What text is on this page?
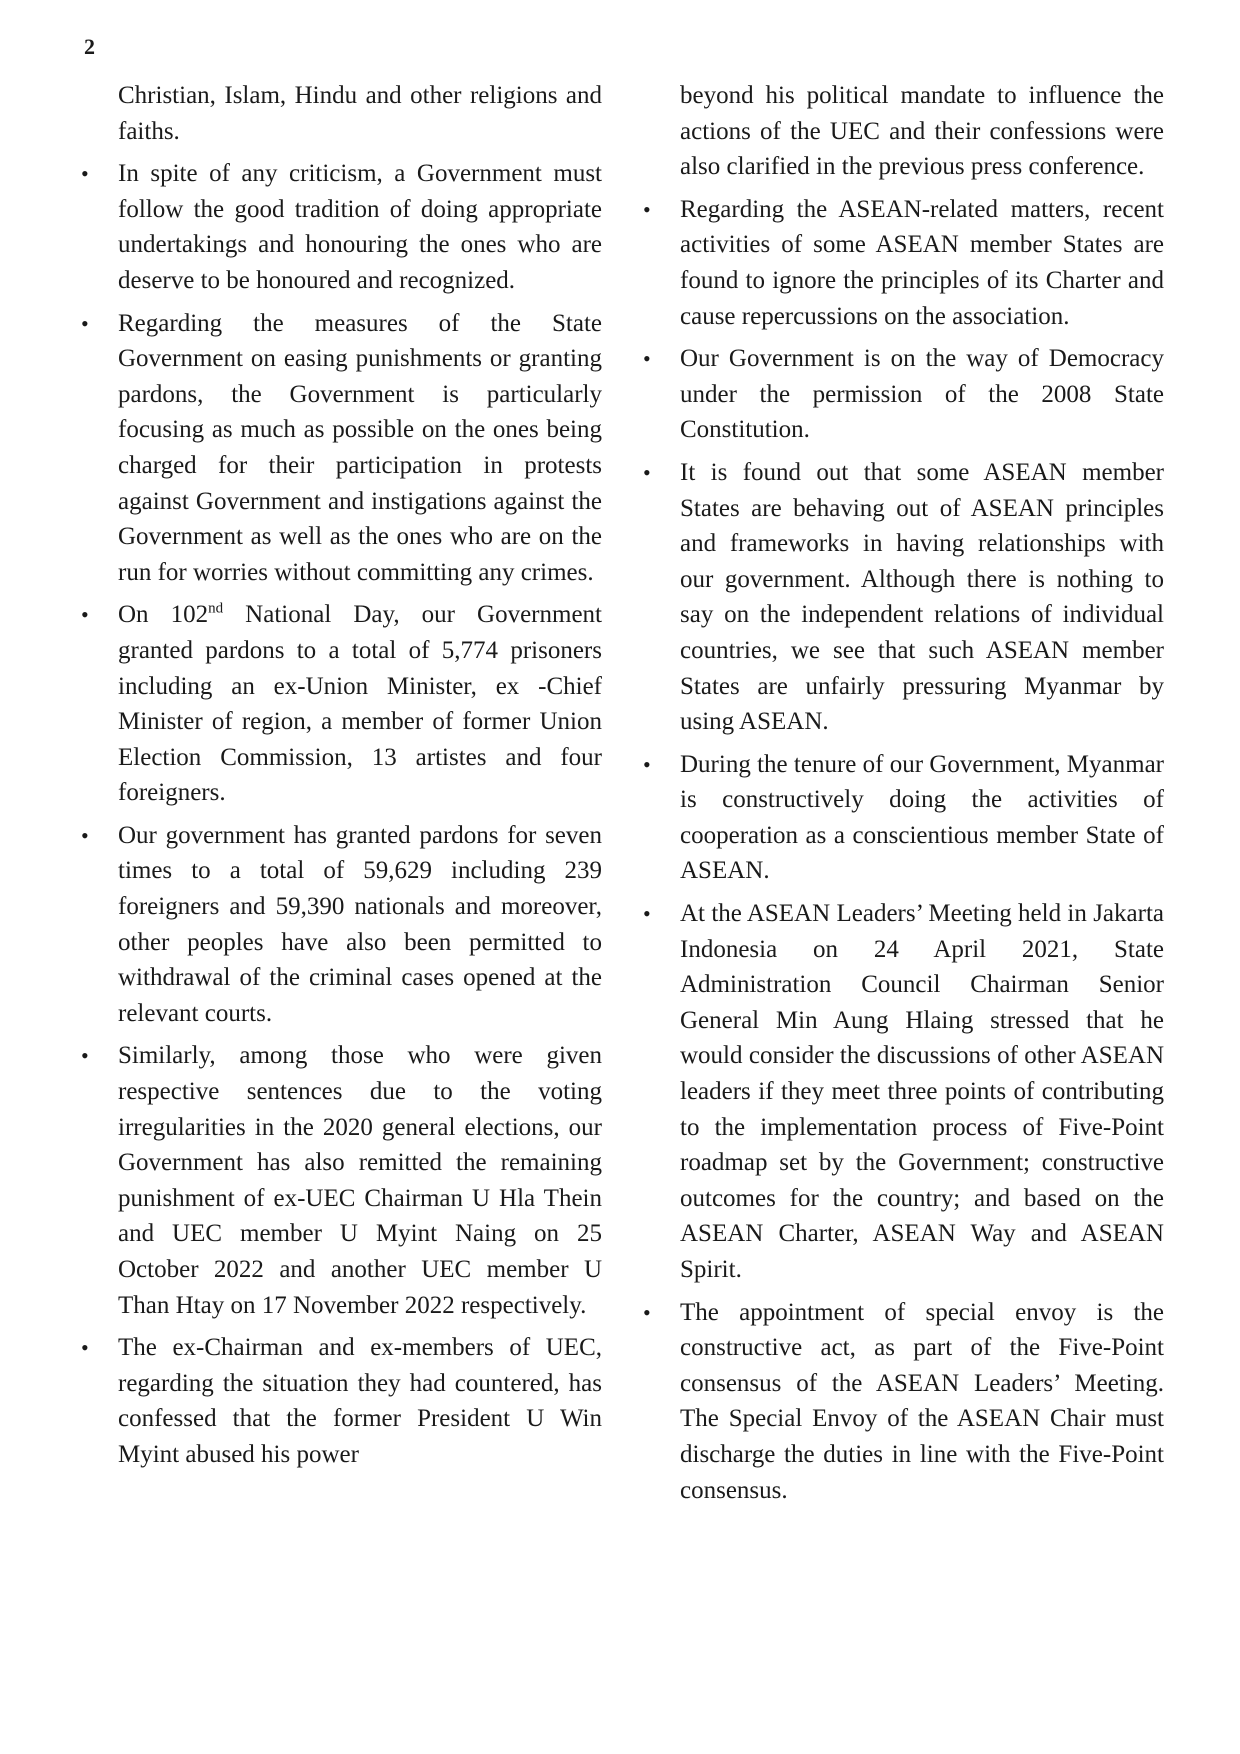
2

Christian, Islam, Hindu and other religions and faiths.

• In spite of any criticism, a Government must follow the good tradition of doing appropriate undertakings and honouring the ones who are deserve to be honoured and recognized.
• Regarding the measures of the State Government on easing punishments or granting pardons, the Government is particularly focusing as much as possible on the ones being charged for their participation in protests against Government and instigations against the Government as well as the ones who are on the run for worries without committing any crimes.
• On 102nd National Day, our Government granted pardons to a total of 5,774 prisoners including an ex-Union Minister, ex -Chief Minister of region, a member of former Union Election Commission, 13 artistes and four foreigners.
• Our government has granted pardons for seven times to a total of 59,629 including 239 foreigners and 59,390 nationals and moreover, other peoples have also been permitted to withdrawal of the criminal cases opened at the relevant courts.
• Similarly, among those who were given respective sentences due to the voting irregularities in the 2020 general elections, our Government has also remitted the remaining punishment of ex-UEC Chairman U Hla Thein and UEC member U Myint Naing on 25 October 2022 and another UEC member U Than Htay on 17 November 2022 respectively.
• The ex-Chairman and ex-members of UEC, regarding the situation they had countered, has confessed that the former President U Win Myint abused his power

beyond his political mandate to influence the actions of the UEC and their confessions were also clarified in the previous press conference.

• Regarding the ASEAN-related matters, recent activities of some ASEAN member States are found to ignore the principles of its Charter and cause repercussions on the association.
• Our Government is on the way of Democracy under the permission of the 2008 State Constitution.
• It is found out that some ASEAN member States are behaving out of ASEAN principles and frameworks in having relationships with our government. Although there is nothing to say on the independent relations of individual countries, we see that such ASEAN member States are unfairly pressuring Myanmar by using ASEAN.
• During the tenure of our Government, Myanmar is constructively doing the activities of cooperation as a conscientious member State of ASEAN.
• At the ASEAN Leaders’ Meeting held in Jakarta Indonesia on 24 April 2021, State Administration Council Chairman Senior General Min Aung Hlaing stressed that he would consider the discussions of other ASEAN leaders if they meet three points of contributing to the implementation process of Five-Point roadmap set by the Government; constructive outcomes for the country; and based on the ASEAN Charter, ASEAN Way and ASEAN Spirit.
• The appointment of special envoy is the constructive act, as part of the Five-Point consensus of the ASEAN Leaders’ Meeting. The Special Envoy of the ASEAN Chair must discharge the duties in line with the Five-Point consensus.
